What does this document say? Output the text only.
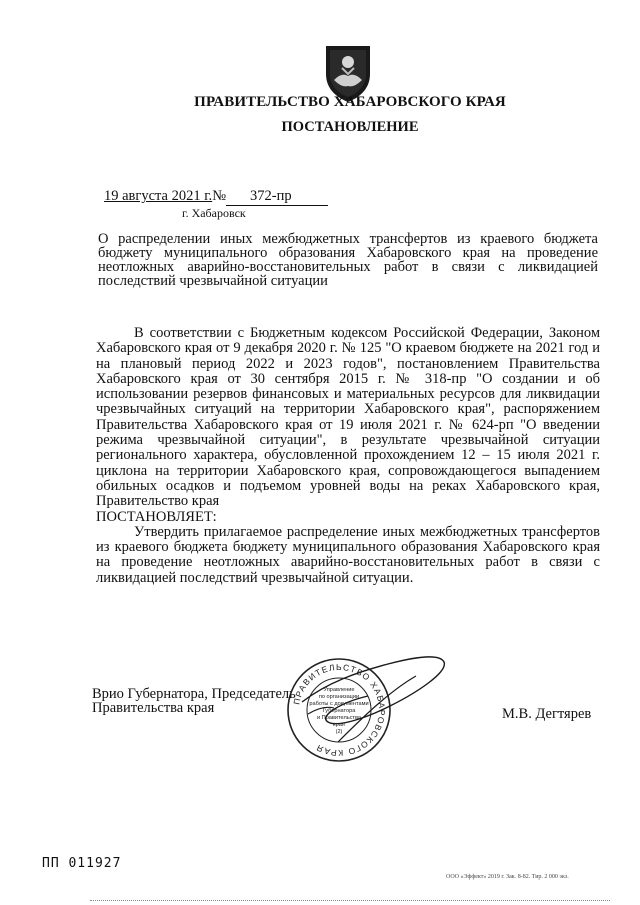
ПРАВИТЕЛЬСТВО ХАБАРОВСКОГО КРАЯ
ПОСТАНОВЛЕНИЕ
19 августа 2021 г.№ 372-пр
г. Хабаровск
О распределении иных межбюджетных трансфертов из краевого бюджета бюджету муниципального образования Хабаровского края на проведение неотложных аварийно-восстановительных работ в связи с ликвидацией последствий чрезвычайной ситуации

В соответствии с Бюджетным кодексом Российской Федерации, Законом Хабаровского края от 9 декабря 2020 г. № 125 "О краевом бюджете на 2021 год и на плановый период 2022 и 2023 годов", постановлением Правительства Хабаровского края от 30 сентября 2015 г. № 318-пр "О создании и об использовании резервов финансовых и материальных ресурсов для ликвидации чрезвычайных ситуаций на территории Хабаровского края", распоряжением Правительства Хабаровского края от 19 июля 2021 г. № 624-рп "О введении режима чрезвычайной ситуации", в результате чрезвычайной ситуации регионального характера, обусловленной прохождением 12 – 15 июля 2021 г. циклона на территории Хабаровского края, сопровождающегося выпадением обильных осадков и подъемом уровней воды на реках Хабаровского края, Правительство края

ПОСТАНОВЛЯЕТ:

Утвердить прилагаемое распределение иных межбюджетных трансфертов из краевого бюджета бюджету муниципального образования Хабаровского края на проведение неотложных аварийно-восстановительных работ в связи с ликвидацией последствий чрезвычайной ситуации.

Врио Губернатора, Председатель
Правительства края	М.В. Дегтярев
ПРАВИТЕЛЬСТВО ХАБАРОВСКОГО КРАЯ
Управление
по организации
работы с документами
Губернатора
и Правительства
края
(2)
ПП 011927
ООО «Эффект» 2019 г. Зак. 8-82. Тир. 2 000 экз.
